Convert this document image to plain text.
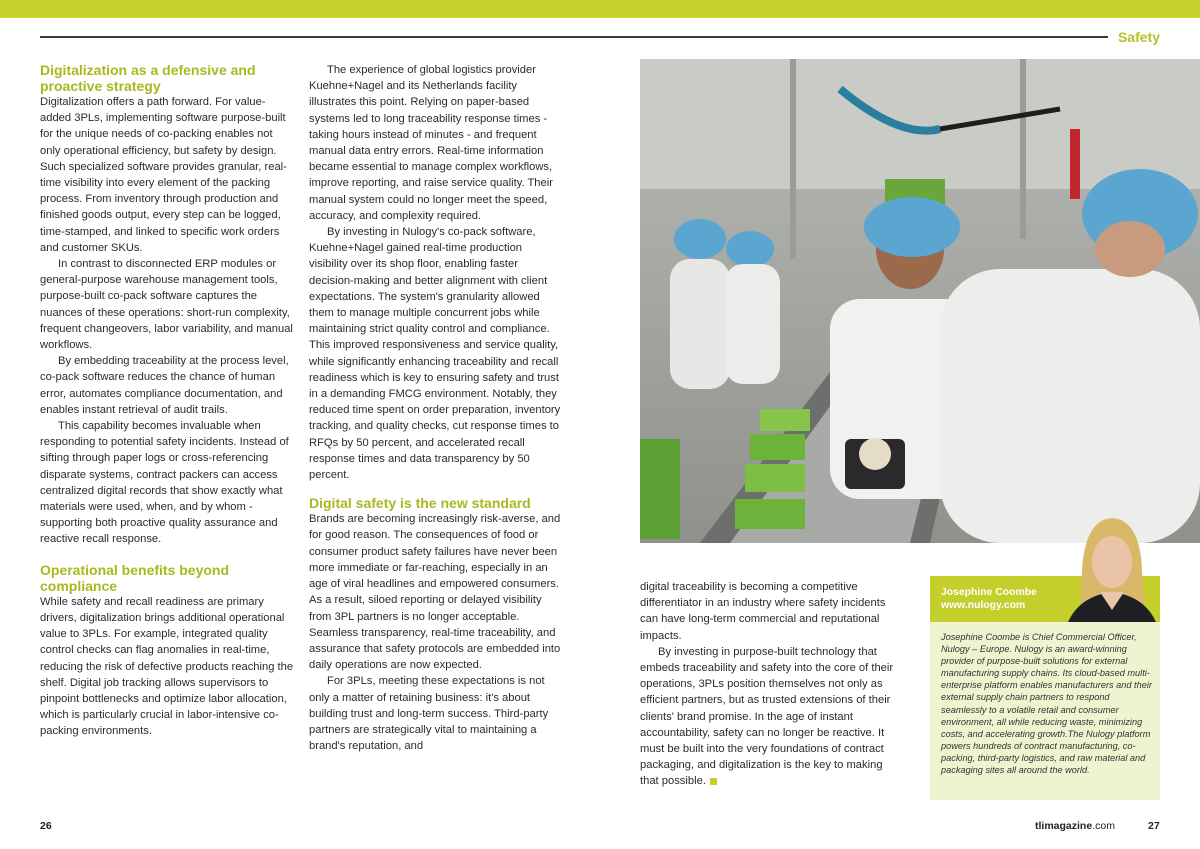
Safety
Digitalization as a defensive and proactive strategy

Digitalization offers a path forward. For value-added 3PLs, implementing software purpose-built for the unique needs of co-packing enables not only operational efficiency, but safety by design. Such specialized software provides granular, real-time visibility into every element of the packing process. From inventory through production and finished goods output, every step can be logged, time-stamped, and linked to specific work orders and customer SKUs.

In contrast to disconnected ERP modules or general-purpose warehouse management tools, purpose-built co-pack software captures the nuances of these operations: short-run complexity, frequent changeovers, labor variability, and manual workflows.

By embedding traceability at the process level, co-pack software reduces the chance of human error, automates compliance documentation, and enables instant retrieval of audit trails.

This capability becomes invaluable when responding to potential safety incidents. Instead of sifting through paper logs or cross-referencing disparate systems, contract packers can access centralized digital records that show exactly what materials were used, when, and by whom - supporting both proactive quality assurance and reactive recall response.

Operational benefits beyond compliance

While safety and recall readiness are primary drivers, digitalization brings additional operational value to 3PLs. For example, integrated quality control checks can flag anomalies in real-time, reducing the risk of defective products reaching the shelf. Digital job tracking allows supervisors to pinpoint bottlenecks and optimize labor allocation, which is particularly crucial in labor-intensive co-packing environments.

The experience of global logistics provider Kuehne+Nagel and its Netherlands facility illustrates this point. Relying on paper-based systems led to long traceability response times - taking hours instead of minutes - and frequent manual data entry errors. Real-time information became essential to manage complex workflows, improve reporting, and raise service quality. Their manual system could no longer meet the speed, accuracy, and complexity required.

By investing in Nulogy's co-pack software, Kuehne+Nagel gained real-time production visibility over its shop floor, enabling faster decision-making and better alignment with client expectations. The system's granularity allowed them to manage multiple concurrent jobs while maintaining strict quality control and compliance. This improved responsiveness and service quality, while significantly enhancing traceability and recall readiness which is key to ensuring safety and trust in a demanding FMCG environment. Notably, they reduced time spent on order preparation, inventory tracking, and quality checks, cut response times to RFQs by 50 percent, and accelerated recall response times and data transparency by 50 percent.

Digital safety is the new standard

Brands are becoming increasingly risk-averse, and for good reason. The consequences of food or consumer product safety failures have never been more immediate or far-reaching, especially in an age of viral headlines and empowered consumers. As a result, siloed reporting or delayed visibility from 3PL partners is no longer acceptable. Seamless transparency, real-time traceability, and assurance that safety protocols are embedded into daily operations are now expected.

For 3PLs, meeting these expectations is not only a matter of retaining business: it's about building trust and long-term success. Third-party partners are strategically vital to maintaining a brand's reputation, and

digital traceability is becoming a competitive differentiator in an industry where safety incidents can have long-term commercial and reputational impacts.

By investing in purpose-built technology that embeds traceability and safety into the core of their operations, 3PLs position themselves not only as efficient partners, but as trusted extensions of their clients' brand promise. In the age of instant accountability, safety can no longer be reactive. It must be built into the very foundations of contract packaging, and digitalization is the key to making that possible.

Josephine Coombe
www.nulogy.com
Josephine Coombe is Chief Commercial Officer, Nulogy – Europe. Nulogy is an award-winning provider of purpose-built solutions for external manufacturing supply chains. Its cloud-based multi-enterprise platform enables manufacturers and their external supply chain partners to respond seamlessly to a volatile retail and consumer environment, all while reducing waste, minimizing costs, and accelerating growth.The Nulogy platform powers hundreds of contract manufacturing, co-packing, third-party logistics, and raw material and packaging sites all around the world.
26	tlimagazine.com	27
